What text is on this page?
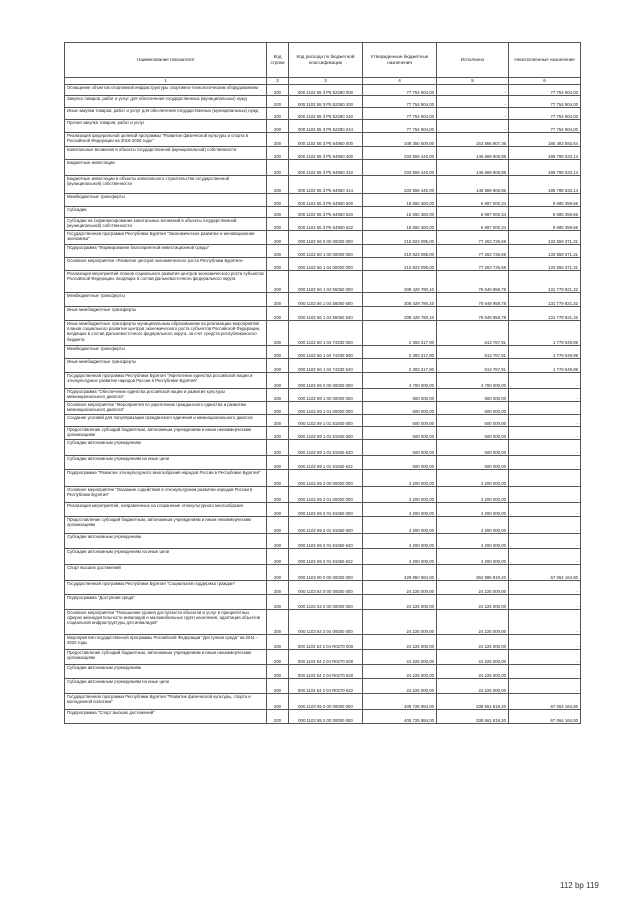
Наименование показателя	Код строки	Код расхода по бюджетной классификации	Утвержденные бюджетные назначения	Исполнено	Неисполненные назначения
1	2	3	4	5	6
Оснащение объектов спортивной инфраструктуры спортивно-технологическим оборудованием	200	000 1102 55 3 P5 52280 000	77 754 904,00	-	77 754 904,00
Закупка товаров, работ и услуг для обеспечения государственных (муниципальных) нужд	200	000 1102 55 3 P5 52280 200	77 754 904,00	-	77 754 904,00
Иные закупки товаров, работ и услуг для обеспечения государственных (муниципальных) нужд	200	000 1102 55 3 P5 52280 240	77 754 904,00	-	77 754 904,00
Прочая закупка товаров, работ и услуг	200	000 1102 55 3 P5 52280 244	77 754 904,00	-	77 754 904,00
Реализация федеральной целевой программы "Развитие физической культуры и спорта в Российской Федерации на 2016-2020 годы"	200	000 1102 55 3 P5 54950 000	349 350 500,00	163 866 907,36	185 483 592,64
Капитальные вложения в объекты государственной (муниципальной) собственности	200	000 1102 55 3 P5 54950 400	333 658 440,00	146 869 906,86	186 788 533,14
Бюджетные инвестиции	200	000 1102 55 3 P5 54950 410	333 658 440,00	146 869 906,86	186 788 533,14
Бюджетные инвестиции в объекты капитального строительства государственной (муниципальной) собственности	200	000 1102 55 3 P5 54950 414	333 658 440,00	146 869 906,86	186 788 533,14
Межбюджетные трансферты	200	000 1102 55 3 P5 54950 500	15 692 360,00	6 997 000,34	8 695 359,66
Субсидии	200	000 1102 55 3 P5 54950 520	15 692 360,00	6 997 000,34	8 695 359,66
Субсидии на софинансирование капитальных вложений в объекты государственной (муниципальной) собственности	200	000 1102 55 3 P5 54950 522	15 692 360,00	6 997 000,34	8 695 359,66
Государственная программа Республики Бурятия "Экономическое развитие и инновационная экономика"	200	000 1102 56 0 00 00000 000	210 823 095,00	77 263 726,69	133 559 371,31
Подпрограмма "Формирование благоприятной инвестиционной среды"	200	000 1102 56 1 00 00000 000	210 823 095,00	77 263 726,69	133 559 371,31
Основное мероприятие «Развитие центров экономического роста Республики Бурятия»	200	000 1102 56 1 04 00000 000	210 823 095,00	77 263 726,69	133 559 371,31
Реализация мероприятий планов социального развития центров экономического роста субъектов Российской Федерации, входящих в состав Дальневосточного федерального округа	200	000 1102 56 1 04 55050 000	208 429 780,10	76 649 958,78	131 779 821,32
Межбюджетные трансферты	200	000 1102 56 1 04 55050 500	208 429 780,10	76 649 958,78	131 779 821,32
Иные межбюджетные трансферты	200	000 1102 56 1 04 55050 540	208 429 780,10	76 649 958,78	131 779 821,32
Иные межбюджетные трансферты муниципальным образованиям на реализацию мероприятий планов социального развития центров экономического роста субъектов Российской Федерации, входящих в состав Дальневосточного федерального округа, за счет средств республиканского бюджета	200	000 1102 56 1 04 74330 000	2 393 317,90	613 767,91	1 779 549,99
Межбюджетные трансферты	200	000 1102 56 1 04 74330 500	2 393 317,90	613 767,91	1 779 549,99
Иные межбюджетные трансферты	200	000 1102 56 1 04 74330 540	2 393 317,90	613 767,91	1 779 549,99
Государственная программа Республики Бурятия "Укрепление единства российской нации и этнокультурное развитие народов России в Республике Бурятия"	200	000 1102 69 0 00 00000 000	4 700 000,00	4 700 000,00	-
Подпрограмма "Обеспечение единства российской нации и развитие культуры межнационального диалога"	200	000 1102 69 1 00 00000 000	500 000,00	500 000,00	-
Основное мероприятие "Мероприятия по укреплению гражданского единства и развитию межнационального диалога"	200	000 1102 69 1 01 00000 000	500 000,00	500 000,00	-
Создание условий для популяризации гражданского единения и межнационального диалога	200	000 1102 69 1 01 81930 000	500 000,00	500 000,00	-
Предоставление субсидий бюджетным, автономным учреждениям и иным некоммерческим организациям	200	000 1102 69 1 01 81930 600	500 000,00	500 000,00	-
Субсидии автономным учреждениям	200	000 1102 69 1 01 81930 620	500 000,00	500 000,00	-
Субсидии автономным учреждениям на иные цели	200	000 1102 69 1 01 81930 622	500 000,00	500 000,00	-
Подпрограмма "Развитие этнокультурного многообразия народов России в Республике Бурятия"	200	000 1102 69 2 00 00000 000	4 200 000,00	4 200 000,00	-
Основное мероприятие "Оказание содействия в этнокультурном развитии народов России в Республике Бурятия"	200	000 1102 69 2 01 00000 000	4 200 000,00	4 200 000,00	-
Реализация мероприятий, направленных на сохранение этнокультурного многообразия	200	000 1102 69 2 01 81950 000	4 200 000,00	4 200 000,00	-
Предоставление субсидий бюджетным, автономным учреждениям и иным некоммерческим организациям	200	000 1102 69 2 01 81950 600	4 200 000,00	4 200 000,00	-
Субсидии автономным учреждениям	200	000 1102 69 2 01 81950 620	4 200 000,00	4 200 000,00	-
Субсидии автономным учреждениям на иные цели	200	000 1102 69 2 01 81950 622	4 200 000,00	4 200 000,00	-
Спорт высших достижений	200	000 1103 00 0 00 00000 000	429 950 984,00	362 886 819,20	67 064 164,80
Государственная программа Республики Бурятия "Социальная поддержка граждан"	200	000 1103 54 0 00 00000 000	24 225 000,00	24 225 000,00	-
Подпрограмма "Доступная среда"	200	000 1103 54 2 00 00000 000	24 225 000,00	24 225 000,00	-
Основное мероприятие "Повышение уровня доступности объектов и услуг в приоритетных сферах жизнедеятельности инвалидов и маломобильных групп населения, адаптация объектов социальной инфраструктуры для инвалидов"	200	000 1103 54 2 04 00000 000	24 225 000,00	24 225 000,00	-
Мероприятия государственной программы Российской Федерации "Доступная среда" на 2011 - 2020 годы	200	000 1103 54 2 04 R0270 000	24 225 000,00	24 225 000,00	-
Предоставление субсидий бюджетным, автономным учреждениям и иным некоммерческим организациям	200	000 1103 54 2 04 R0270 600	24 225 000,00	24 225 000,00	-
Субсидии автономным учреждениям	200	000 1103 54 2 04 R0270 620	24 225 000,00	24 225 000,00	-
Субсидии автономным учреждениям на иные цели	200	000 1103 54 2 04 R0270 622	24 225 000,00	24 225 000,00	-
Государственная программа Республики Бурятия "Развитие физической культуры, спорта и молодежной политики"	200	000 1103 55 0 00 00000 000	405 725 984,00	338 661 819,20	67 064 164,80
Подпрограмма "Спорт высших достижений"	200	000 1103 55 2 00 00000 000	405 725 984,00	338 661 819,20	67 064 164,80
112 bp 119
